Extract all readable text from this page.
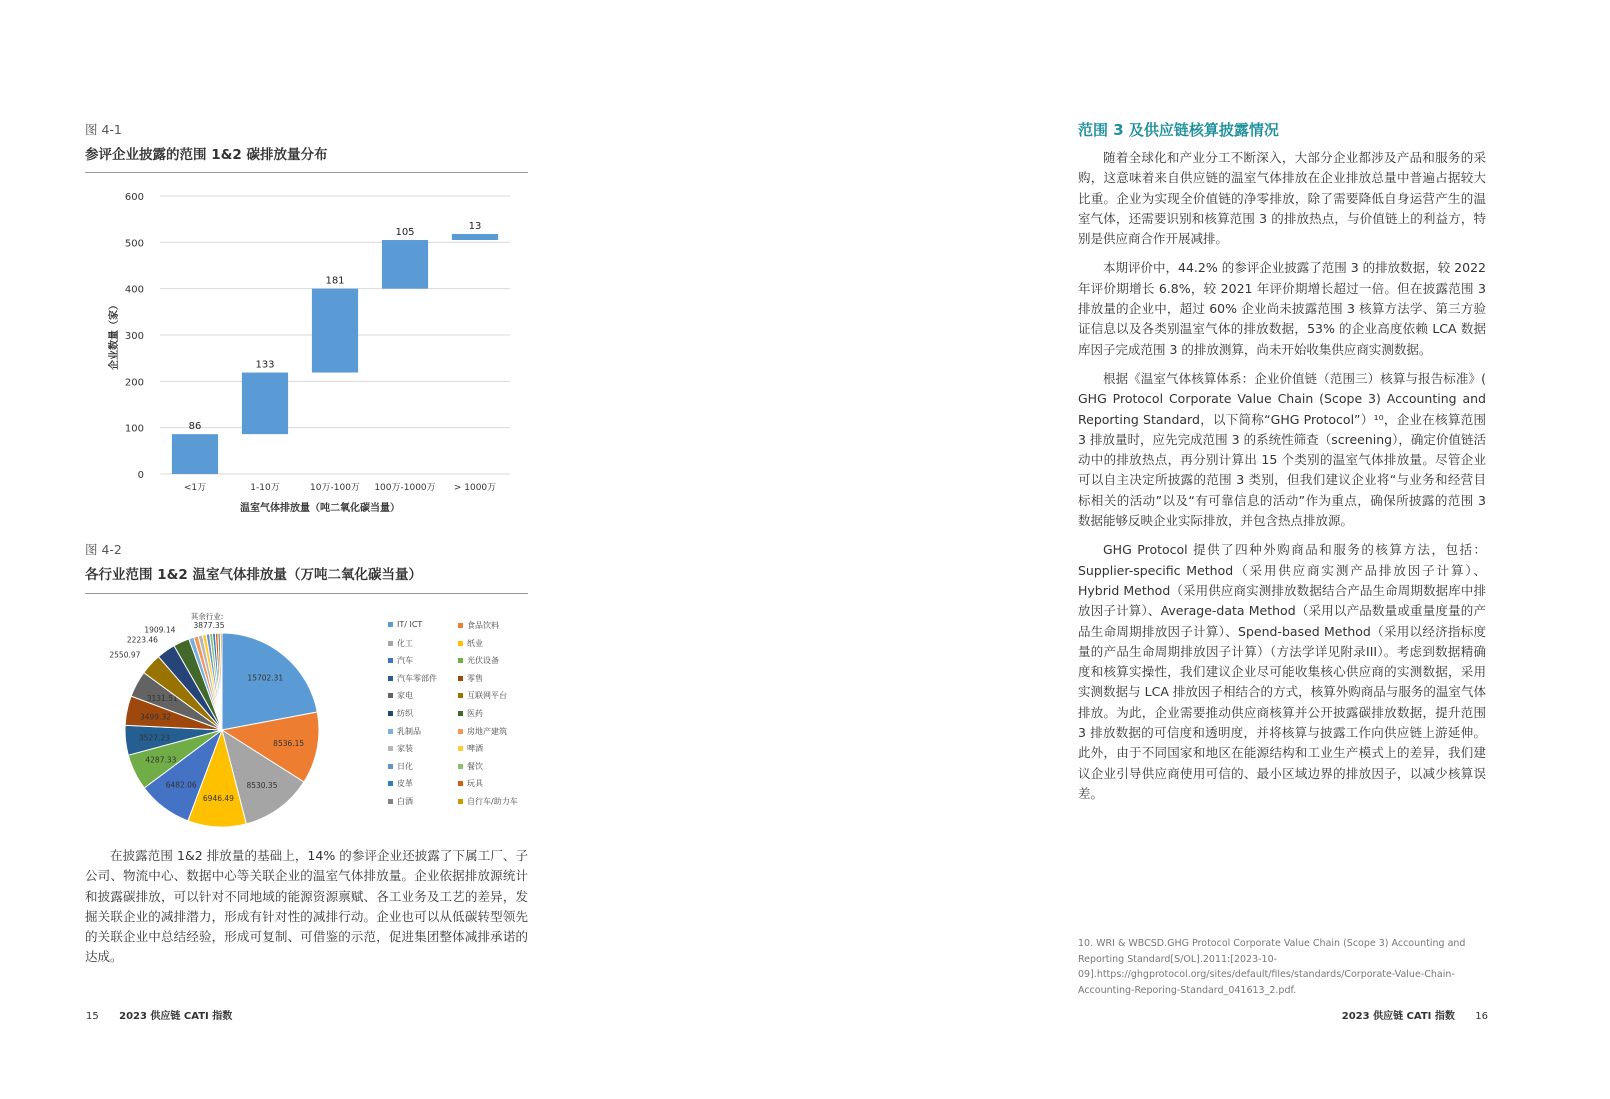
图 4-1
参评企业披露的范围 1&2 碳排放量分布
0
100
200
300
400
500
600
86
<1万
133
1-10万
181
10万-100万
105
100万-1000万
13
> 1000万
温室气体排放量（吨二氧化碳当量）
企业数量（家）
图 4-2
各行业范围 1&2 温室气体排放量（万吨二氧化碳当量）
15702.31
8536.15
8530.35
6946.49
6482.06
4287.33
3527.23
3499.32
3131.51
2550.97
2223.46
1909.14
其余行业:
3877.35	IT/ ICT	食品饮料
化工	纸业
汽车	光伏设备
汽车零部件	零售
家电	互联网平台
纺织	医药
乳制品	房地产建筑
家装	啤酒
日化	餐饮
皮革	玩具
白酒	自行车/助力车

在披露范围 1&2 排放量的基础上，14% 的参评企业还披露了下属工厂、子公司、物流中心、数据中心等关联企业的温室气体排放量。企业依据排放源统计和披露碳排放，可以针对不同地域的能源资源禀赋、各工业务及工艺的差异，发掘关联企业的减排潜力，形成有针对性的减排行动。企业也可以从低碳转型领先的关联企业中总结经验，形成可复制、可借鉴的示范，促进集团整体减排承诺的达成。

15 2023 供应链 CATI 指数
范围 3 及供应链核算披露情况

随着全球化和产业分工不断深入，大部分企业都涉及产品和服务的采购，这意味着来自供应链的温室气体排放在企业排放总量中普遍占据较大比重。企业为实现全价值链的净零排放，除了需要降低自身运营产生的温室气体，还需要识别和核算范围 3 的排放热点，与价值链上的利益方，特别是供应商合作开展减排。

本期评价中，44.2% 的参评企业披露了范围 3 的排放数据，较 2022 年评价期增长 6.8%，较 2021 年评价期增长超过一倍。但在披露范围 3 排放量的企业中，超过 60% 企业尚未披露范围 3 核算方法学、第三方验证信息以及各类别温室气体的排放数据，53% 的企业高度依赖 LCA 数据库因子完成范围 3 的排放测算，尚未开始收集供应商实测数据。

根据《温室气体核算体系：企业价值链（范围三）核算与报告标准》( GHG Protocol Corporate Value Chain (Scope 3) Accounting and Reporting Standard，以下简称“GHG Protocol”）¹⁰，企业在核算范围 3 排放量时，应先完成范围 3 的系统性筛查（screening），确定价值链活动中的排放热点，再分别计算出 15 个类别的温室气体排放量。尽管企业可以自主决定所披露的范围 3 类别，但我们建议企业将“与业务和经营目标相关的活动”以及“有可靠信息的活动”作为重点，确保所披露的范围 3 数据能够反映企业实际排放，并包含热点排放源。

GHG Protocol 提供了四种外购商品和服务的核算方法，包括：Supplier-specific Method（采用供应商实测产品排放因子计算）、Hybrid Method（采用供应商实测排放数据结合产品生命周期数据库中排放因子计算）、Average-data Method（采用以产品数量或重量度量的产品生命周期排放因子计算）、Spend-based Method（采用以经济指标度量的产品生命周期排放因子计算）（方法学详见附录III）。考虑到数据精确度和核算实操性，我们建议企业尽可能收集核心供应商的实测数据，采用实测数据与 LCA 排放因子相结合的方式，核算外购商品与服务的温室气体排放。为此，企业需要推动供应商核算并公开披露碳排放数据，提升范围 3 排放数据的可信度和透明度，并将核算与披露工作向供应链上游延伸。此外，由于不同国家和地区在能源结构和工业生产模式上的差异，我们建议企业引导供应商使用可信的、最小区域边界的排放因子，以减少核算误差。

10. WRI & WBCSD.GHG Protocol Corporate Value Chain (Scope 3) Accounting and Reporting Standard[S/OL].2011:[2023-10-09].https://ghgprotocol.org/sites/default/files/standards/Corporate-Value-Chain-Accounting-Reporing-Standard_041613_2.pdf.
2023 供应链 CATI 指数 16
